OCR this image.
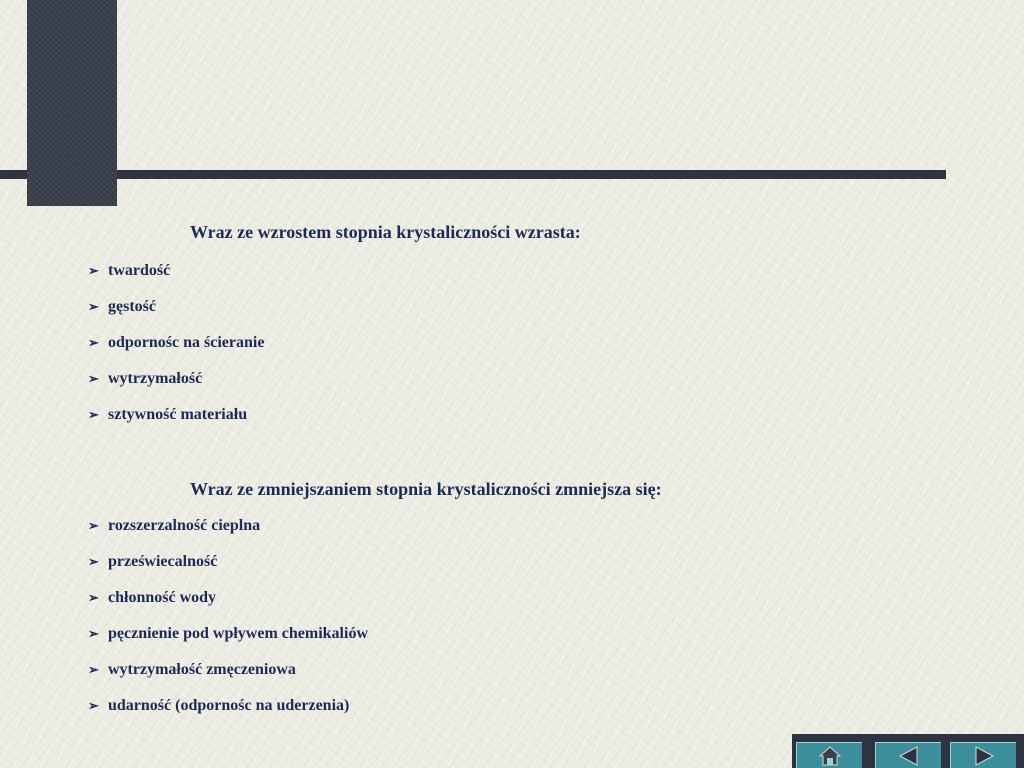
Wraz ze wzrostem stopnia krystaliczności wzrasta:

➢ twardość
➢ gęstość
➢ odpornośc na ścieranie
➢ wytrzymałość
➢ sztywność materiału

Wraz ze zmniejszaniem stopnia krystaliczności zmniejsza się:

➢ rozszerzalność cieplna
➢ przeświecalność
➢ chłonność wody
➢ pęcznienie pod wpływem chemikaliów
➢ wytrzymałość zmęczeniowa
➢ udarność (odpornośc na uderzenia)
